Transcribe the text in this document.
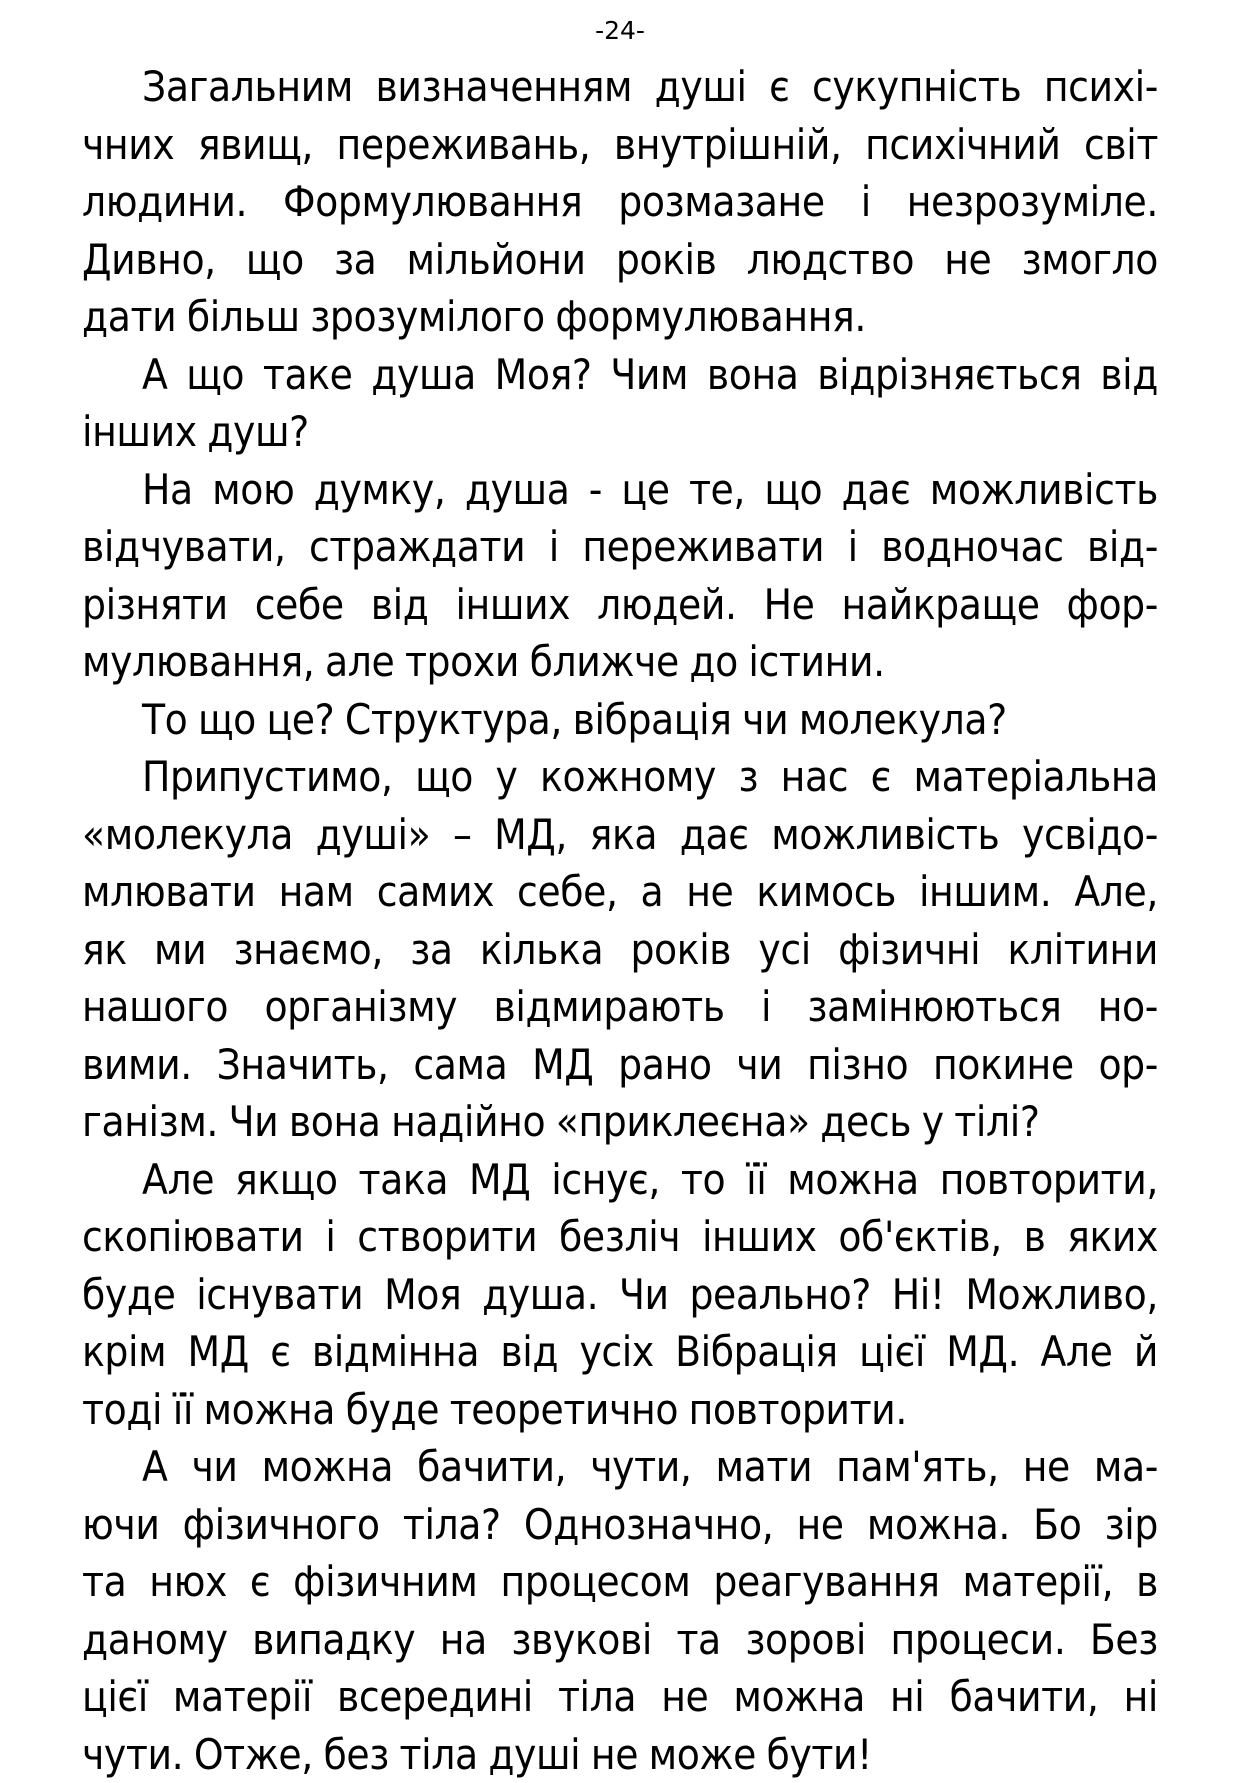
-24-
Загальним визначенням душі є сукупність психі-
чних явищ, переживань, внутрішній, психічний світ
людини. Формулювання розмазане і незрозуміле.
Дивно, що за мільйони років людство не змогло
дати більш зрозумілого формулювання.
А що таке душа Моя? Чим вона відрізняється від
інших душ?
На мою думку, душа - це те, що дає можливість
відчувати, страждати і переживати і водночас від-
різняти себе від інших людей. Не найкраще фор-
мулювання, але трохи ближче до істини.
То що це? Структура, вібрація чи молекула?
Припустимо, що у кожному з нас є матеріальна
«молекула душі» – МД, яка дає можливість усвідо-
млювати нам самих себе, а не кимось іншим. Але,
як ми знаємо, за кілька років усі фізичні клітини
нашого організму відмирають і замінюються но-
вими. Значить, сама МД рано чи пізно покине ор-
ганізм. Чи вона надійно «приклеєна» десь у тілі?
Але якщо така МД існує, то її можна повторити,
скопіювати і створити безліч інших об'єктів, в яких
буде існувати Моя душа. Чи реально? Ні! Можливо,
крім МД є відмінна від усіх Вібрація цієї МД. Але й
тоді її можна буде теоретично повторити.
А чи можна бачити, чути, мати пам'ять, не ма-
ючи фізичного тіла? Однозначно, не можна. Бо зір
та нюх є фізичним процесом реагування матерії, в
даному випадку на звукові та зорові процеси. Без
цієї матерії всередині тіла не можна ні бачити, ні
чути. Отже, без тіла душі не може бути!
